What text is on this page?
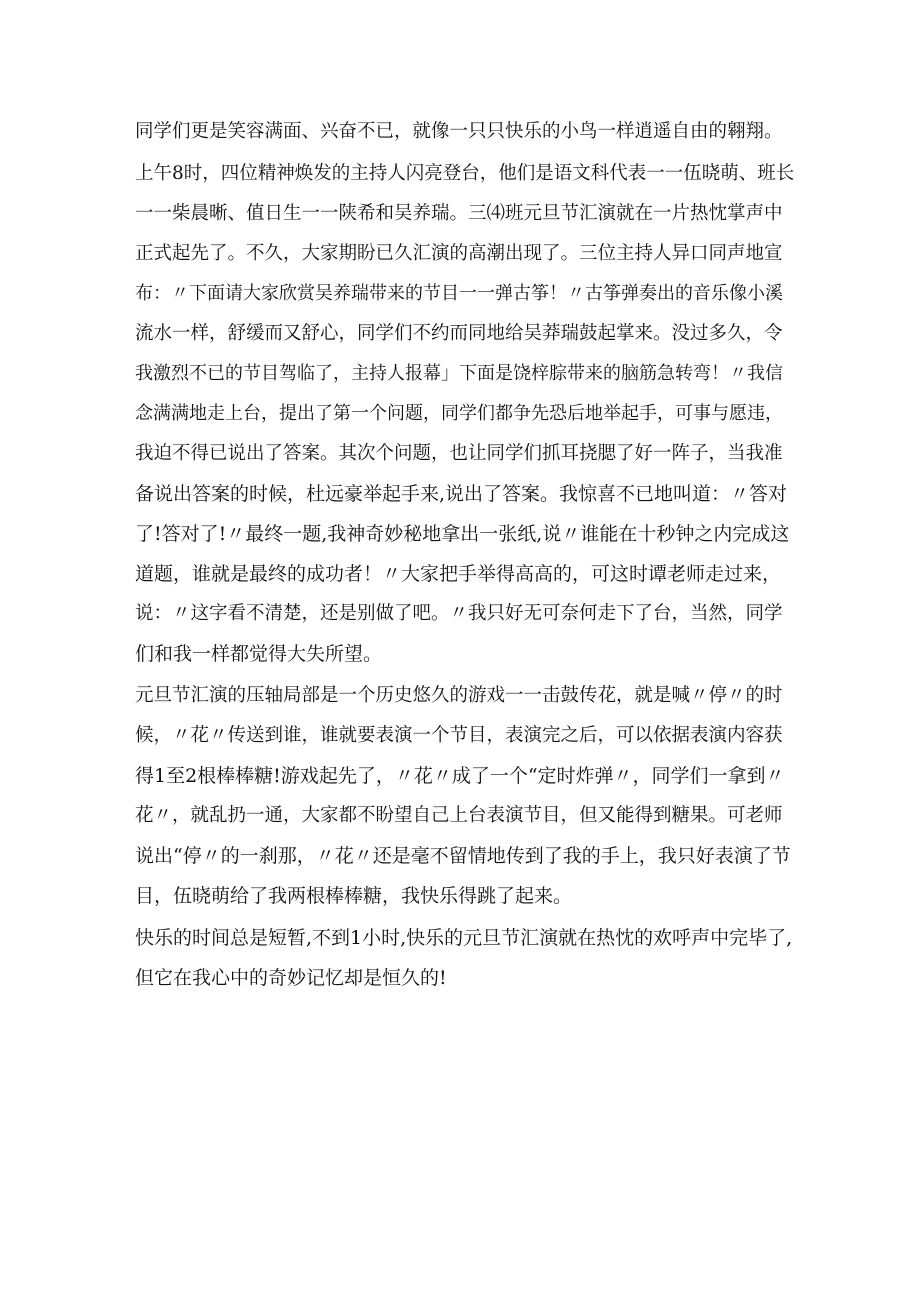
同学们更是笑容满面、兴奋不已，就像一只只快乐的小鸟一样逍遥自由的翱翔。

上午8时，四位精神焕发的主持人闪亮登台，他们是语文科代表一一伍晓萌、班长
一一柴晨晰、值日生一一陕希和吴养瑞。三⑷班元旦节汇演就在一片热忱掌声中
正式起先了。不久，大家期盼已久汇演的高潮出现了。三位主持人异口同声地宣
布：〃下面请大家欣赏吴养瑞带来的节目一一弹古筝！〃古筝弹奏出的音乐像小溪
流水一样，舒缓而又舒心，同学们不约而同地给吴莽瑞鼓起掌来。没过多久，令
我激烈不已的节目驾临了，主持人报幕」下面是饶梓腙带来的脑筋急转弯！〃我信
念满满地走上台，提出了第一个问题，同学们都争先恐后地举起手，可事与愿违，
我迫不得已说出了答案。其次个问题，也让同学们抓耳挠腮了好一阵子，当我准
备说出答案的时候，杜远豪举起手来,说出了答案。我惊喜不已地叫道：〃答对
了!答对了!〃最终一题,我神奇妙秘地拿出一张纸,说〃谁能在十秒钟之内完成这
道题，谁就是最终的成功者！〃大家把手举得高高的，可这时谭老师走过来，
说：〃这字看不清楚，还是别做了吧。〃我只好无可奈何走下了台，当然，同学
们和我一样都觉得大失所望。

元旦节汇演的压轴局部是一个历史悠久的游戏一一击鼓传花，就是喊〃停〃的时
候，〃花〃传送到谁，谁就要表演一个节目，表演完之后，可以依据表演内容获
得1至2根棒棒糖!游戏起先了，〃花〃成了一个“定时炸弹〃，同学们一拿到〃
花〃，就乱扔一通，大家都不盼望自己上台表演节目，但又能得到糖果。可老师
说出“停〃的一刹那，〃花〃还是毫不留情地传到了我的手上，我只好表演了节
目，伍晓萌给了我两根棒棒糖，我快乐得跳了起来。

快乐的时间总是短暂,不到1小时,快乐的元旦节汇演就在热忱的欢呼声中完毕了,
但它在我心中的奇妙记忆却是恒久的!
